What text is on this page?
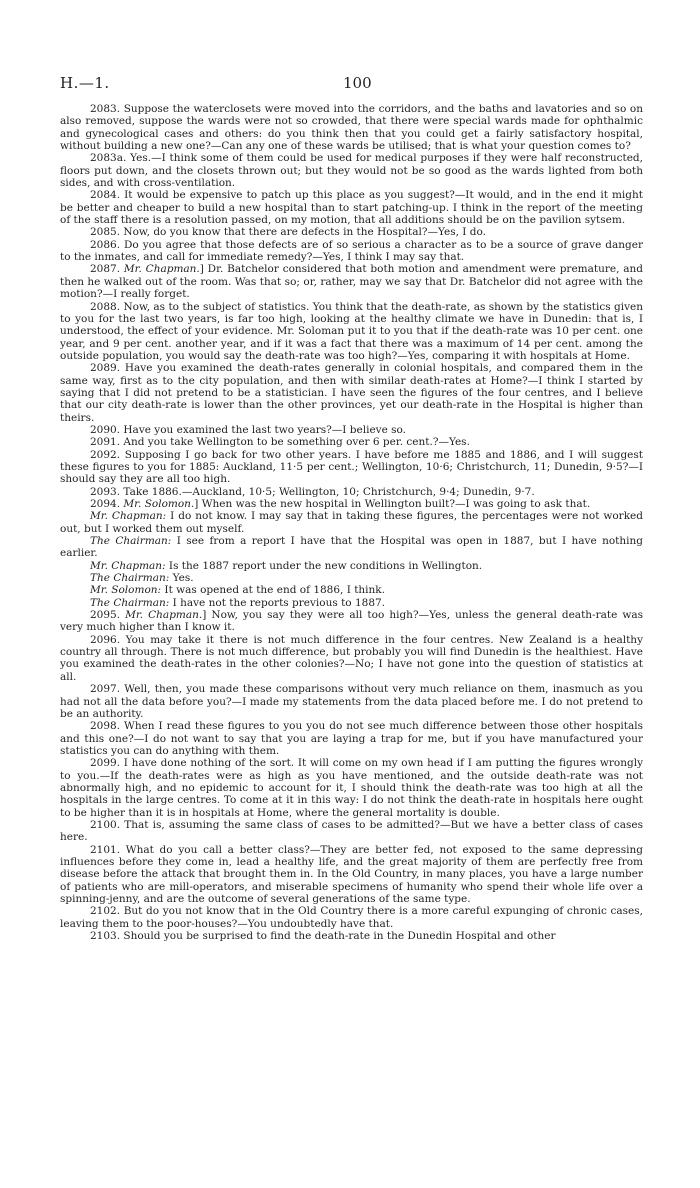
H.—1.	100

2083. Suppose the waterclosets were moved into the corridors, and the baths and lavatories and so on also removed, suppose the wards were not so crowded, that there were special wards made for ophthalmic and gynecological cases and others: do you think then that you could get a fairly satisfactory hospital, without building a new one?—Can any one of these wards be utilised; that is what your question comes to?

2083a. Yes.—I think some of them could be used for medical purposes if they were half reconstructed, floors put down, and the closets thrown out; but they would not be so good as the wards lighted from both sides, and with cross-ventilation.

2084. It would be expensive to patch up this place as you suggest?—It would, and in the end it might be better and cheaper to build a new hospital than to start patching-up. I think in the report of the meeting of the staff there is a resolution passed, on my motion, that all additions should be on the pavilion sytsem.

2085. Now, do you know that there are defects in the Hospital?—Yes, I do.

2086. Do you agree that those defects are of so serious a character as to be a source of grave danger to the inmates, and call for immediate remedy?—Yes, I think I may say that.

2087. Mr. Chapman.] Dr. Batchelor considered that both motion and amendment were premature, and then he walked out of the room. Was that so; or, rather, may we say that Dr. Batchelor did not agree with the motion?—I really forget.

2088. Now, as to the subject of statistics. You think that the death-rate, as shown by the statistics given to you for the last two years, is far too high, looking at the healthy climate we have in Dunedin: that is, I understood, the effect of your evidence. Mr. Soloman put it to you that if the death-rate was 10 per cent. one year, and 9 per cent. another year, and if it was a fact that there was a maximum of 14 per cent. among the outside population, you would say the death-rate was too high?—Yes, comparing it with hospitals at Home.

2089. Have you examined the death-rates generally in colonial hospitals, and compared them in the same way, first as to the city population, and then with similar death-rates at Home?—I think I started by saying that I did not pretend to be a statistician. I have seen the figures of the four centres, and I believe that our city death-rate is lower than the other provinces, yet our death-rate in the Hospital is higher than theirs.

2090. Have you examined the last two years?—I believe so.

2091. And you take Wellington to be something over 6 per. cent.?—Yes.

2092. Supposing I go back for two other years. I have before me 1885 and 1886, and I will suggest these figures to you for 1885: Auckland, 11·5 per cent.; Wellington, 10·6; Christchurch, 11; Dunedin, 9·5?—I should say they are all too high.

2093. Take 1886.—Auckland, 10·5; Wellington, 10; Christchurch, 9·4; Dunedin, 9·7.

2094. Mr. Solomon.] When was the new hospital in Wellington built?—I was going to ask that.

Mr. Chapman: I do not know. I may say that in taking these figures, the percentages were not worked out, but I worked them out myself.

The Chairman: I see from a report I have that the Hospital was open in 1887, but I have nothing earlier.

Mr. Chapman: Is the 1887 report under the new conditions in Wellington.

The Chairman: Yes.

Mr. Solomon: It was opened at the end of 1886, I think.

The Chairman: I have not the reports previous to 1887.

2095. Mr. Chapman.] Now, you say they were all too high?—Yes, unless the general death-rate was very much higher than I know it.

2096. You may take it there is not much difference in the four centres. New Zealand is a healthy country all through. There is not much difference, but probably you will find Dunedin is the healthiest. Have you examined the death-rates in the other colonies?—No; I have not gone into the question of statistics at all.

2097. Well, then, you made these comparisons without very much reliance on them, inasmuch as you had not all the data before you?—I made my statements from the data placed before me. I do not pretend to be an authority.

2098. When I read these figures to you you do not see much difference between those other hospitals and this one?—I do not want to say that you are laying a trap for me, but if you have manufactured your statistics you can do anything with them.

2099. I have done nothing of the sort. It will come on my own head if I am putting the figures wrongly to you.—If the death-rates were as high as you have mentioned, and the outside death-rate was not abnormally high, and no epidemic to account for it, I should think the death-rate was too high at all the hospitals in the large centres. To come at it in this way: I do not think the death-rate in hospitals here ought to be higher than it is in hospitals at Home, where the general mortality is double.

2100. That is, assuming the same class of cases to be admitted?—But we have a better class of cases here.

2101. What do you call a better class?—They are better fed, not exposed to the same depressing influences before they come in, lead a healthy life, and the great majority of them are perfectly free from disease before the attack that brought them in. In the Old Country, in many places, you have a large number of patients who are mill-operators, and miserable specimens of humanity who spend their whole life over a spinning-jenny, and are the outcome of several generations of the same type.

2102. But do you not know that in the Old Country there is a more careful expunging of chronic cases, leaving them to the poor-houses?—You undoubtedly have that.

2103. Should you be surprised to find the death-rate in the Dunedin Hospital and other
